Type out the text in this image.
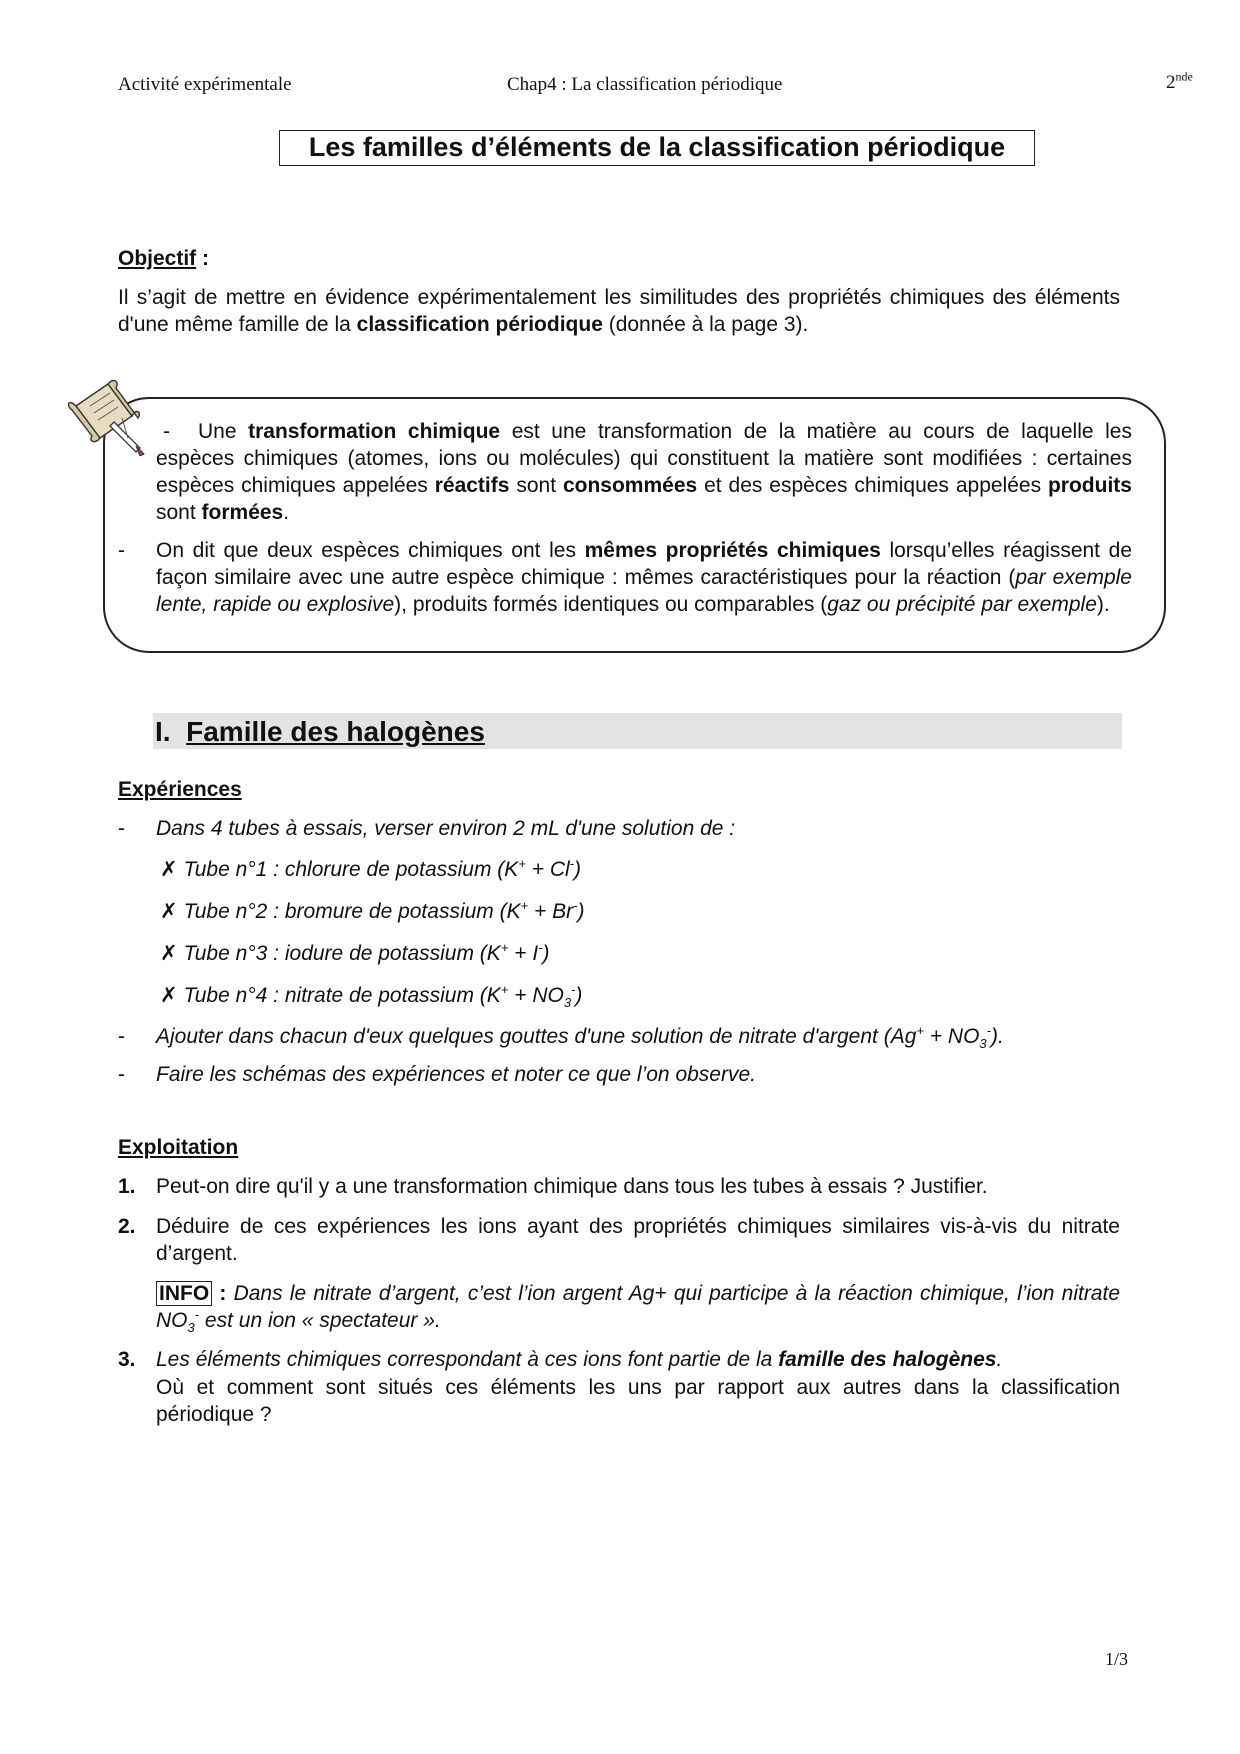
Activité expérimentale	Chap4 : La classification périodique	2nde
Les familles d’éléments de la classification périodique
Objectif :
Il s’agit de mettre en évidence expérimentalement les similitudes des propriétés chimiques des éléments d'une même famille de la classification périodique (donnée à la page 3).
-	Une transformation chimique est une transformation de la matière au cours de laquelle les espèces chimiques (atomes, ions ou molécules) qui constituent la matière sont modifiées : certaines espèces chimiques appelées réactifs sont consommées et des espèces chimiques appelées produits sont formées.
- On dit que deux espèces chimiques ont les mêmes propriétés chimiques lorsqu’elles réagissent de façon similaire avec une autre espèce chimique : mêmes caractéristiques pour la réaction (par exemple lente, rapide ou explosive), produits formés identiques ou comparables (gaz ou précipité par exemple).
I. Famille des halogènes
Expériences
- Dans 4 tubes à essais, verser environ 2 mL d'une solution de :
✗ Tube n°1 : chlorure de potassium (K+ + Cl-)
✗ Tube n°2 : bromure de potassium (K+ + Br-)
✗ Tube n°3 : iodure de potassium (K+ + I-)
✗ Tube n°4 : nitrate de potassium $(K^+ + NO_3^-)$
- Ajouter dans chacun d'eux quelques gouttes d'une solution de nitrate d'argent $(Ag^+ + NO_3^-)$.
- Faire les schémas des expériences et noter ce que l’on observe.
Exploitation
1. Peut-on dire qu'il y a une transformation chimique dans tous les tubes à essais ? Justifier.
2. Déduire de ces expériences les ions ayant des propriétés chimiques similaires vis-à-vis du nitrate d’argent.
INFO : Dans le nitrate d’argent, c’est l’ion argent Ag+ qui participe à la réaction chimique, l’ion nitrate $NO_3^-$ est un ion « spectateur ».
3. Les éléments chimiques correspondant à ces ions font partie de la famille des halogènes.
Où et comment sont situés ces éléments les uns par rapport aux autres dans la classification périodique ?
1/3
